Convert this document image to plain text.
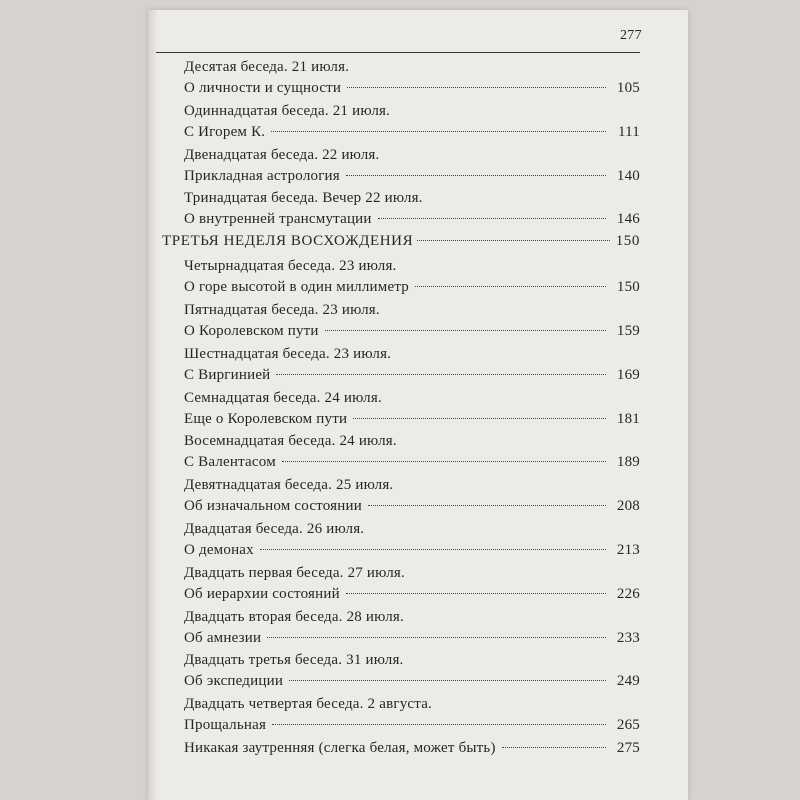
277
Десятая беседа. 21 июля.
О личности и сущности	105
Одиннадцатая беседа. 21 июля.
С Игорем К.	111
Двенадцатая беседа. 22 июля.
Прикладная астрология	140
Тринадцатая беседа. Вечер 22 июля.
О внутренней трансмутации	146
ТРЕТЬЯ НЕДЕЛЯ ВОСХОЖДЕНИЯ	150
Четырнадцатая беседа. 23 июля.
О горе высотой в один миллиметр	150
Пятнадцатая беседа. 23 июля.
О Королевском пути	159
Шестнадцатая беседа. 23 июля.
С Виргинией	169
Семнадцатая беседа. 24 июля.
Еще о Королевском пути	181
Восемнадцатая беседа. 24 июля.
С Валентасом	189
Девятнадцатая беседа. 25 июля.
Об изначальном состоянии	208
Двадцатая беседа. 26 июля.
О демонах	213
Двадцать первая беседа. 27 июля.
Об иерархии состояний	226
Двадцать вторая беседа. 28 июля.
Об амнезии	233
Двадцать третья беседа. 31 июля.
Об экспедиции	249
Двадцать четвертая беседа. 2 августа.
Прощальная	265
Никакая заутренняя (слегка белая, может быть)	275
